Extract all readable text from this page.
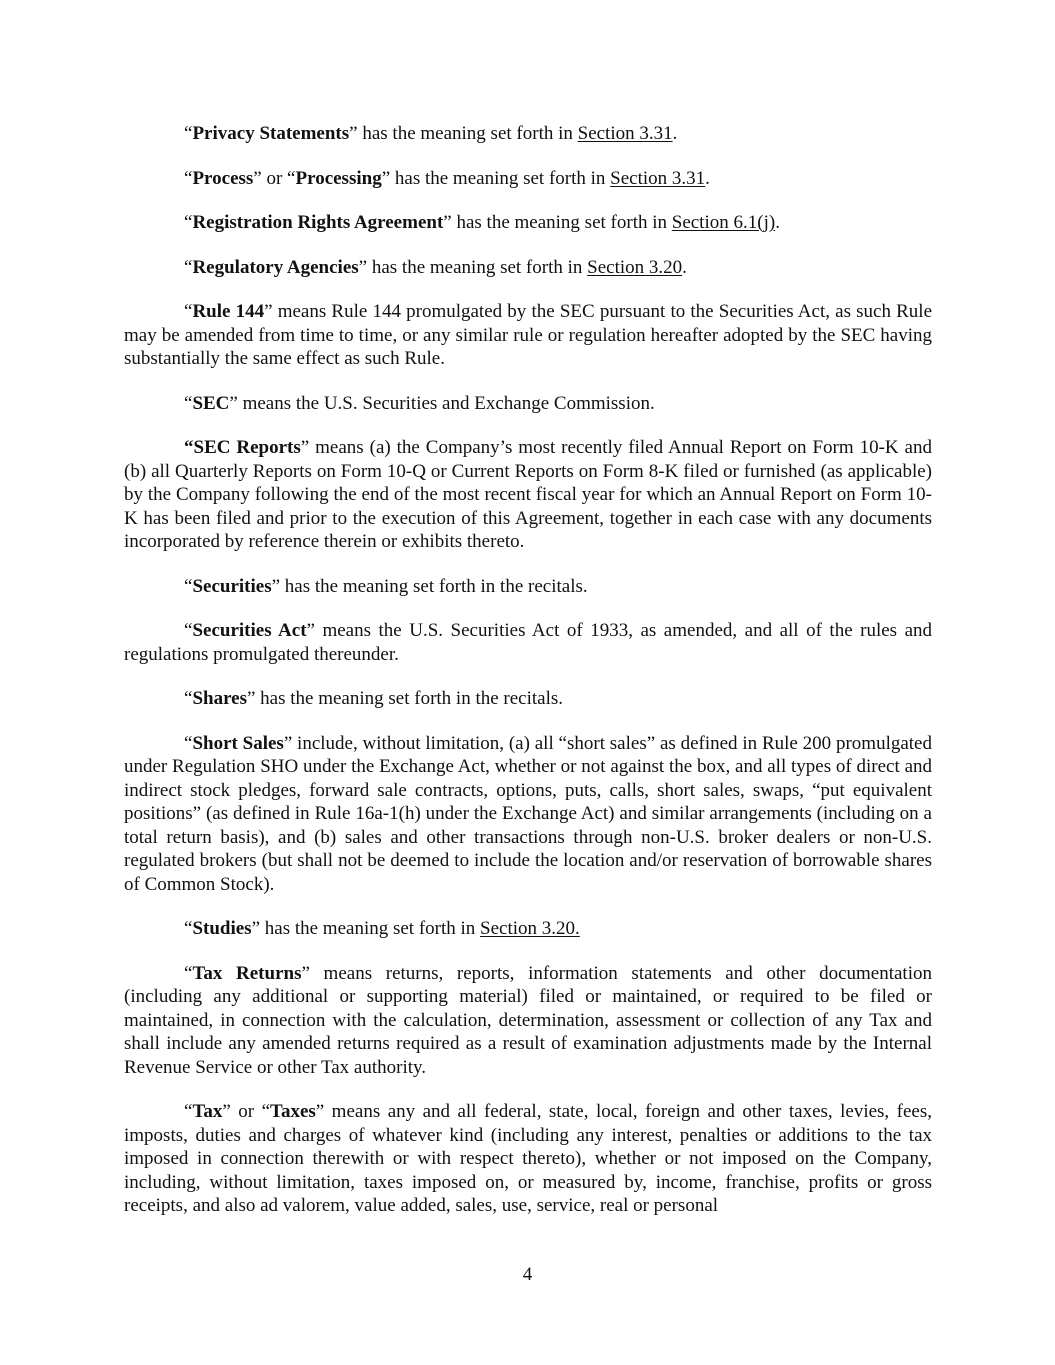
“Privacy Statements” has the meaning set forth in Section 3.31.

“Process” or “Processing” has the meaning set forth in Section 3.31.

“Registration Rights Agreement” has the meaning set forth in Section 6.1(j).

“Regulatory Agencies” has the meaning set forth in Section 3.20.

“Rule 144” means Rule 144 promulgated by the SEC pursuant to the Securities Act, as such Rule may be amended from time to time, or any similar rule or regulation hereafter adopted by the SEC having substantially the same effect as such Rule.

“SEC” means the U.S. Securities and Exchange Commission.

“SEC Reports” means (a) the Company’s most recently filed Annual Report on Form 10-K and (b) all Quarterly Reports on Form 10-Q or Current Reports on Form 8-K filed or furnished (as applicable) by the Company following the end of the most recent fiscal year for which an Annual Report on Form 10-K has been filed and prior to the execution of this Agreement, together in each case with any documents incorporated by reference therein or exhibits thereto.

“Securities” has the meaning set forth in the recitals.

“Securities Act” means the U.S. Securities Act of 1933, as amended, and all of the rules and regulations promulgated thereunder.

“Shares” has the meaning set forth in the recitals.

“Short Sales” include, without limitation, (a) all “short sales” as defined in Rule 200 promulgated under Regulation SHO under the Exchange Act, whether or not against the box, and all types of direct and indirect stock pledges, forward sale contracts, options, puts, calls, short sales, swaps, “put equivalent positions” (as defined in Rule 16a-1(h) under the Exchange Act) and similar arrangements (including on a total return basis), and (b) sales and other transactions through non-U.S. broker dealers or non-U.S. regulated brokers (but shall not be deemed to include the location and/or reservation of borrowable shares of Common Stock).

“Studies” has the meaning set forth in Section 3.20.

“Tax Returns” means returns, reports, information statements and other documentation (including any additional or supporting material) filed or maintained, or required to be filed or maintained, in connection with the calculation, determination, assessment or collection of any Tax and shall include any amended returns required as a result of examination adjustments made by the Internal Revenue Service or other Tax authority.

“Tax” or “Taxes” means any and all federal, state, local, foreign and other taxes, levies, fees, imposts, duties and charges of whatever kind (including any interest, penalties or additions to the tax imposed in connection therewith or with respect thereto), whether or not imposed on the Company, including, without limitation, taxes imposed on, or measured by, income, franchise, profits or gross receipts, and also ad valorem, value added, sales, use, service, real or personal

4
